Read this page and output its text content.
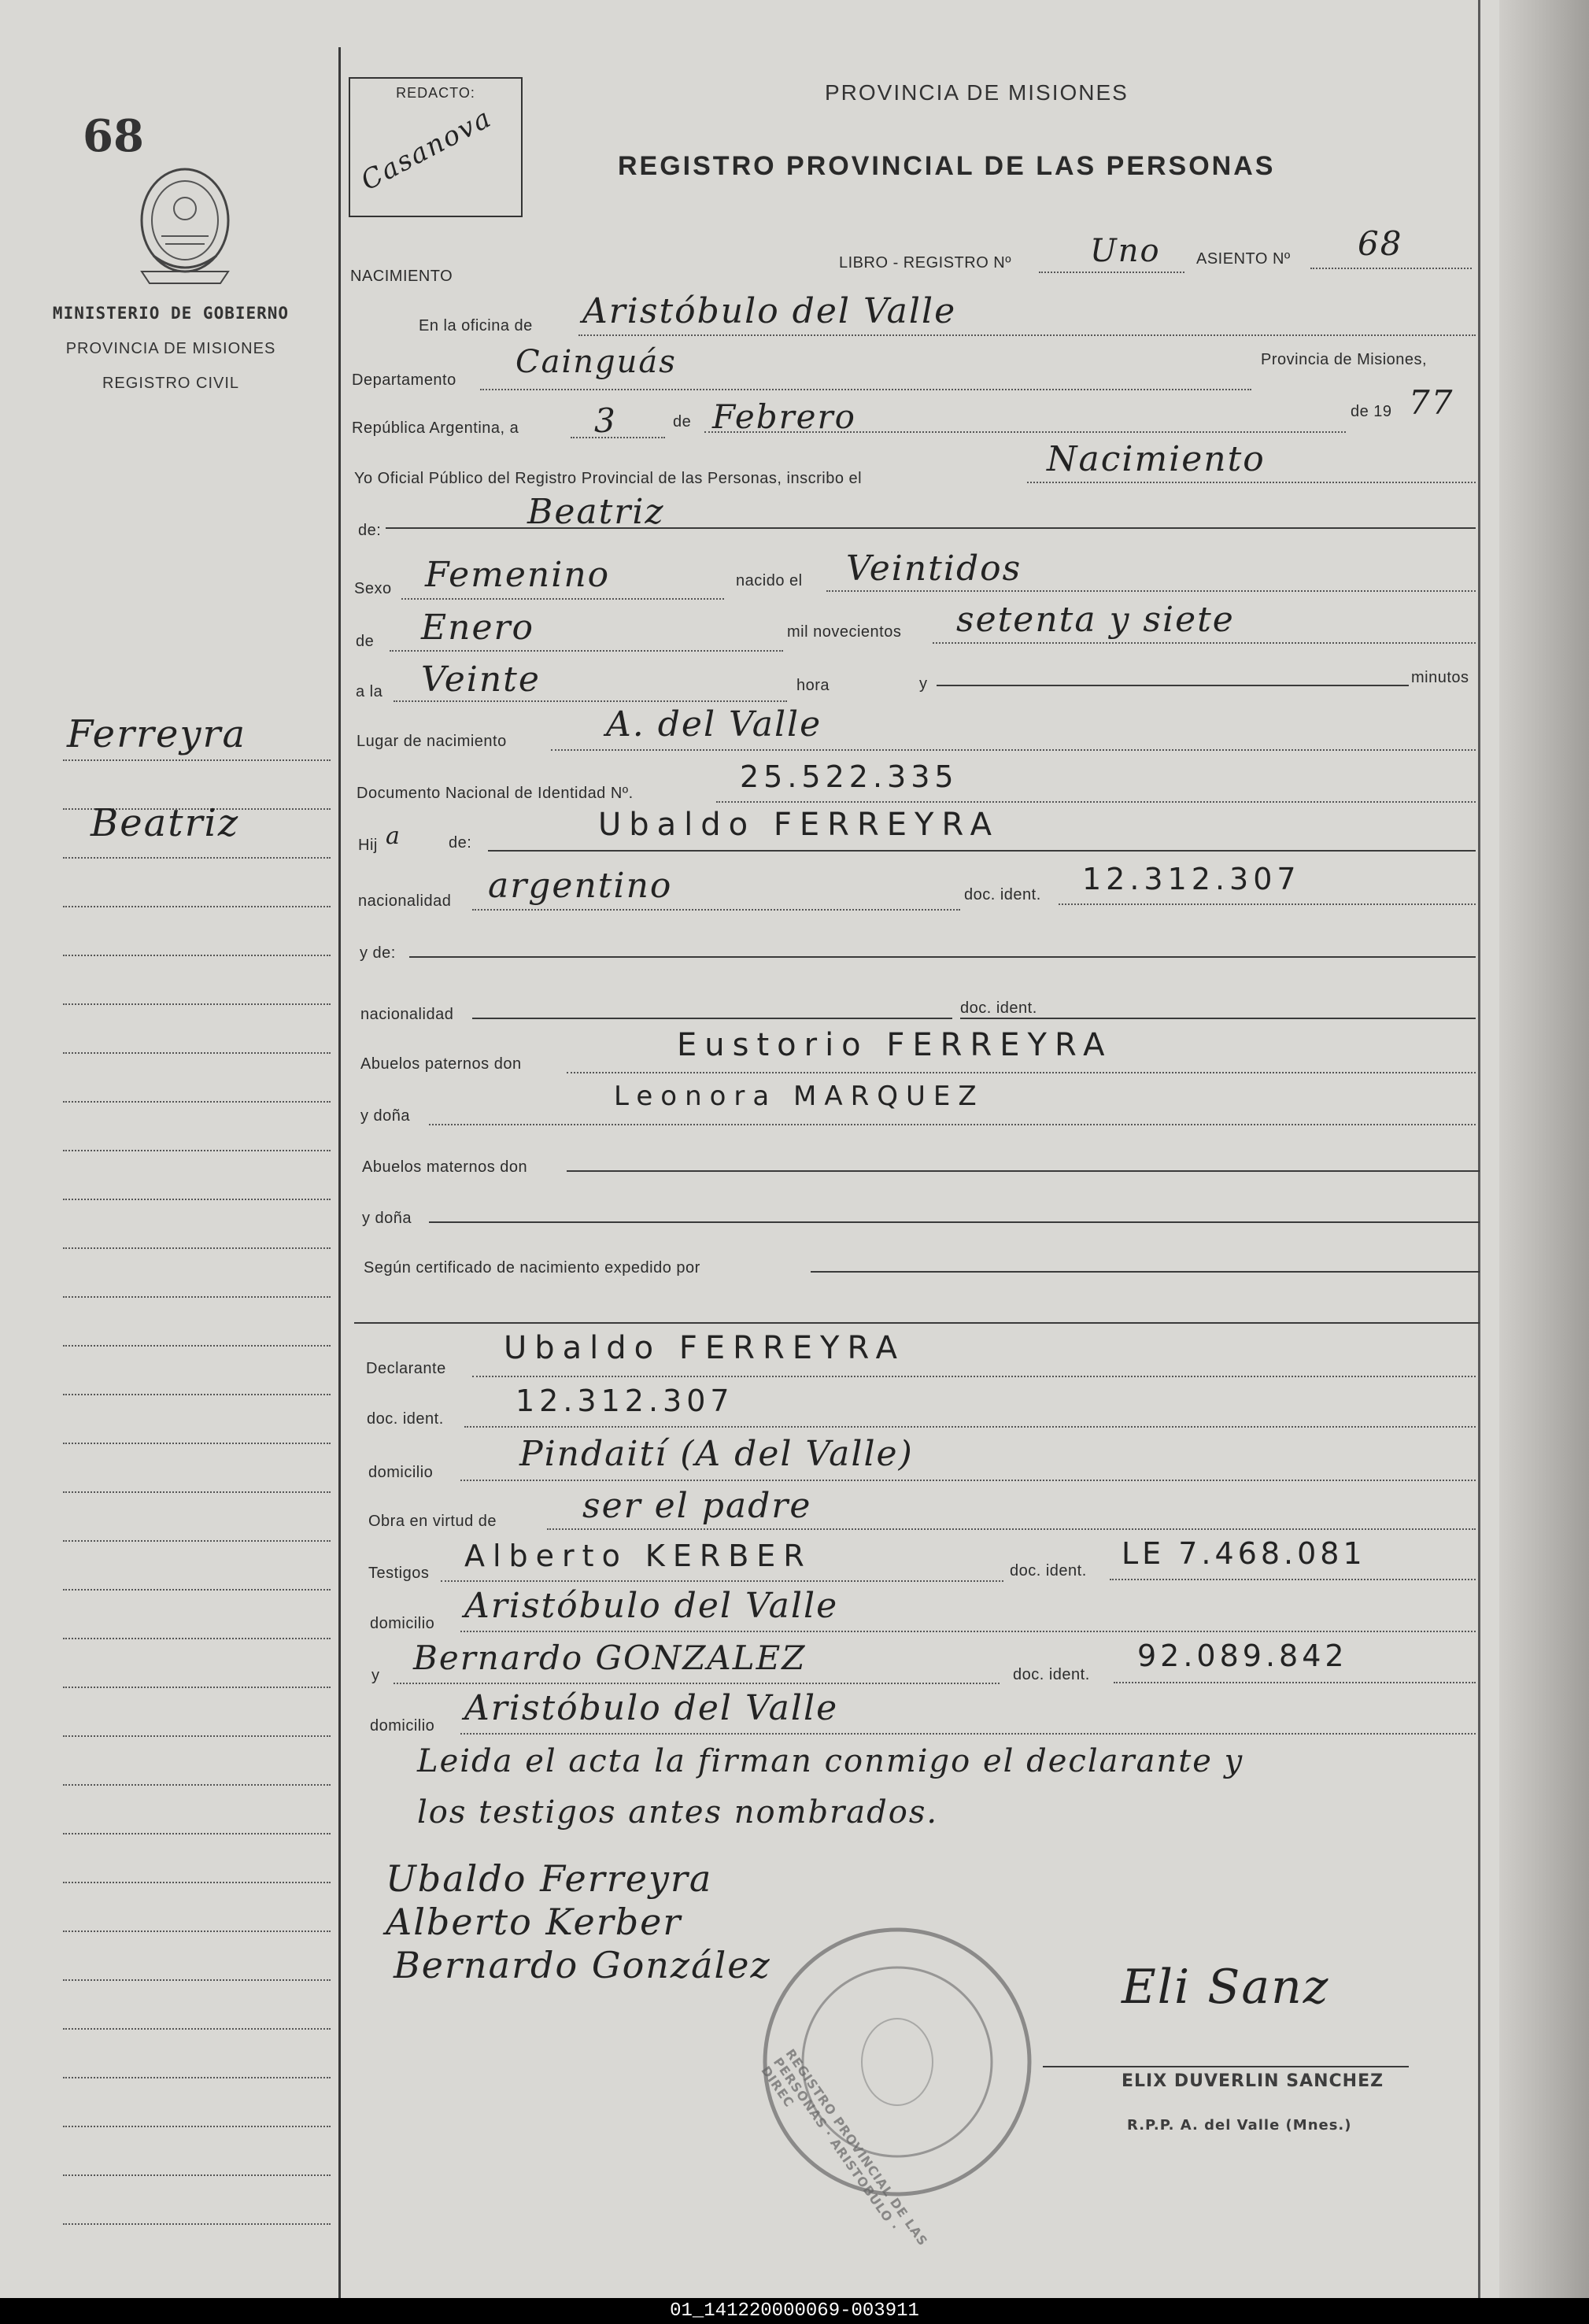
68
MINISTERIO DE GOBIERNO
PROVINCIA DE MISIONES
REGISTRO CIVIL
Ferreyra
Beatriz
REDACTO:
Casanova
PROVINCIA DE MISIONES
REGISTRO PROVINCIAL DE LAS PERSONAS
NACIMIENTO
LIBRO - REGISTRO Nº Uno ASIENTO Nº 68
En la oficina de Aristóbulo del Valle
Departamento Cainguás	Provincia de Misiones,
República Argentina, a 3	de Febrero	de 19 77
Yo Oficial Público del Registro Provincial de las Personas, inscribo el	Nacimiento
de:	Beatriz
Sexo Femenino	nacido el Veintidos
de Enero	mil novecientos setenta y siete
a la Veinte	hora	y	minutos
Lugar de nacimiento	A. del Valle
Documento Nacional de Identidad Nº.	25.522.335
Hij a	de:	Ubaldo FERREYRA
nacionalidad argentino	doc. ident. 12.312.307
y de:
nacionalidad	doc. ident.
Abuelos paternos don
Eustorio FERREYRA
y doña
Leonora MARQUEZ
Abuelos maternos don
y doña
Según certificado de nacimiento expedido por
Declarante
Ubaldo FERREYRA
doc. ident.
12.312.307
domicilio Pindaití (A del Valle)
Obra en virtud de ser el padre
Testigos Alberto KERBER	doc. ident. LE 7.468.081
domicilio Aristóbulo del Valle
y Bernardo GONZALEZ	doc. ident.
92.089.842
domicilio Aristóbulo del Valle
Leida el acta la firman conmigo el declarante y
los testigos antes nombrados.
Ubaldo Ferreyra
Alberto Kerber
Bernardo González
REGISTRO PROVINCIAL DE LAS PERSONAS · ARISTOBULO · DIREC
Eli Sanz
ELIX DUVERLIN SANCHEZ
R.P.P. A. del Valle (Mnes.)
01_141220000069-003911
